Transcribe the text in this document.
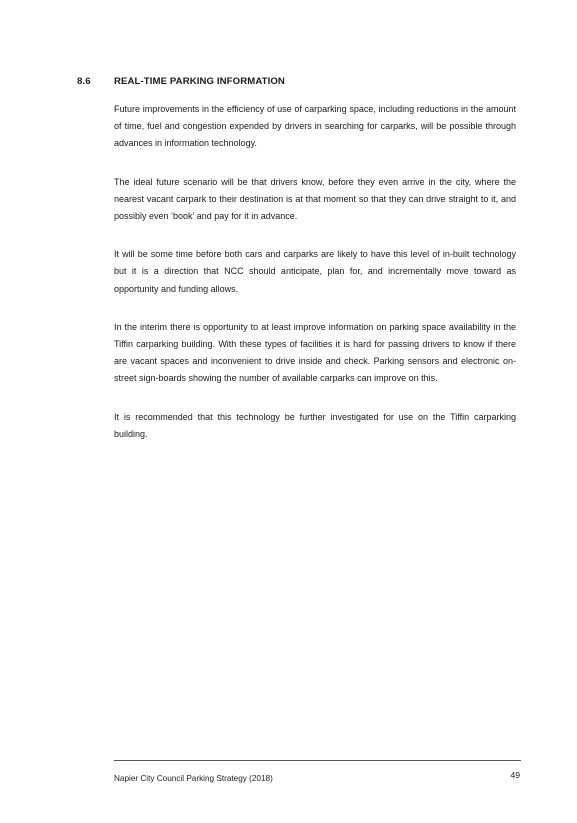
8.6	REAL-TIME PARKING INFORMATION

Future improvements in the efficiency of use of carparking space, including reductions in the amount of time, fuel and congestion expended by drivers in searching for carparks, will be possible through advances in information technology.

The ideal future scenario will be that drivers know, before they even arrive in the city, where the nearest vacant carpark to their destination is at that moment so that they can drive straight to it, and possibly even ‘book’ and pay for it in advance.

It will be some time before both cars and carparks are likely to have this level of in-built technology but it is a direction that NCC should anticipate, plan for, and incrementally move toward as opportunity and funding allows.

In the interim there is opportunity to at least improve information on parking space availability in the Tiffin carparking building. With these types of facilities it is hard for passing drivers to know if there are vacant spaces and inconvenient to drive inside and check. Parking sensors and electronic on-street sign-boards showing the number of available carparks can improve on this.

It is recommended that this technology be further investigated for use on the Tiffin carparking building.

Napier City Council Parking Strategy (2018)	49
